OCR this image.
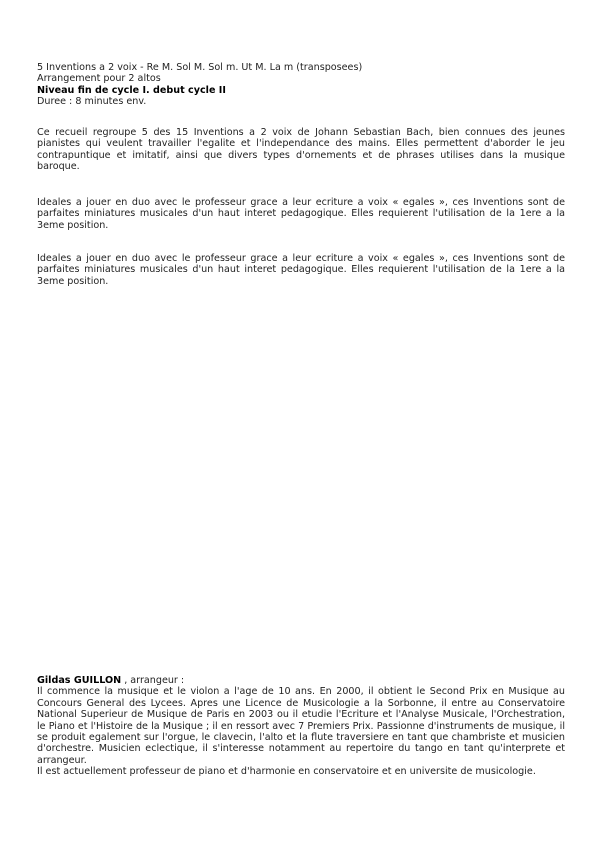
5 Inventions a 2 voix - Re M. Sol M. Sol m. Ut M. La m (transposees)
Arrangement pour 2 altos
Niveau fin de cycle I. debut cycle II
Duree : 8 minutes env.

Ce recueil regroupe 5 des 15 Inventions a 2 voix de Johann Sebastian Bach, bien connues des jeunes pianistes qui veulent travailler l'egalite et l'independance des mains. Elles permettent d'aborder le jeu contrapuntique et imitatif, ainsi que divers types d'ornements et de phrases utilises dans la musique baroque.

Ideales a jouer en duo avec le professeur grace a leur ecriture a voix « egales », ces Inventions sont de parfaites miniatures musicales d'un haut interet pedagogique. Elles requierent l'utilisation de la 1ere a la 3eme position.

Ideales a jouer en duo avec le professeur grace a leur ecriture a voix « egales », ces Inventions sont de parfaites miniatures musicales d'un haut interet pedagogique. Elles requierent l'utilisation de la 1ere a la 3eme position.

Gildas GUILLON , arrangeur :

Il commence la musique et le violon a l'age de 10 ans. En 2000, il obtient le Second Prix en Musique au Concours General des Lycees. Apres une Licence de Musicologie a la Sorbonne, il entre au Conservatoire National Superieur de Musique de Paris en 2003 ou il etudie l'Ecriture et l'Analyse Musicale, l'Orchestration, le Piano et l'Histoire de la Musique ; il en ressort avec 7 Premiers Prix. Passionne d'instruments de musique, il se produit egalement sur l'orgue, le clavecin, l'alto et la flute traversiere en tant que chambriste et musicien d'orchestre. Musicien eclectique, il s'interesse notamment au repertoire du tango en tant qu'interprete et arrangeur.

Il est actuellement professeur de piano et d'harmonie en conservatoire et en universite de musicologie.
